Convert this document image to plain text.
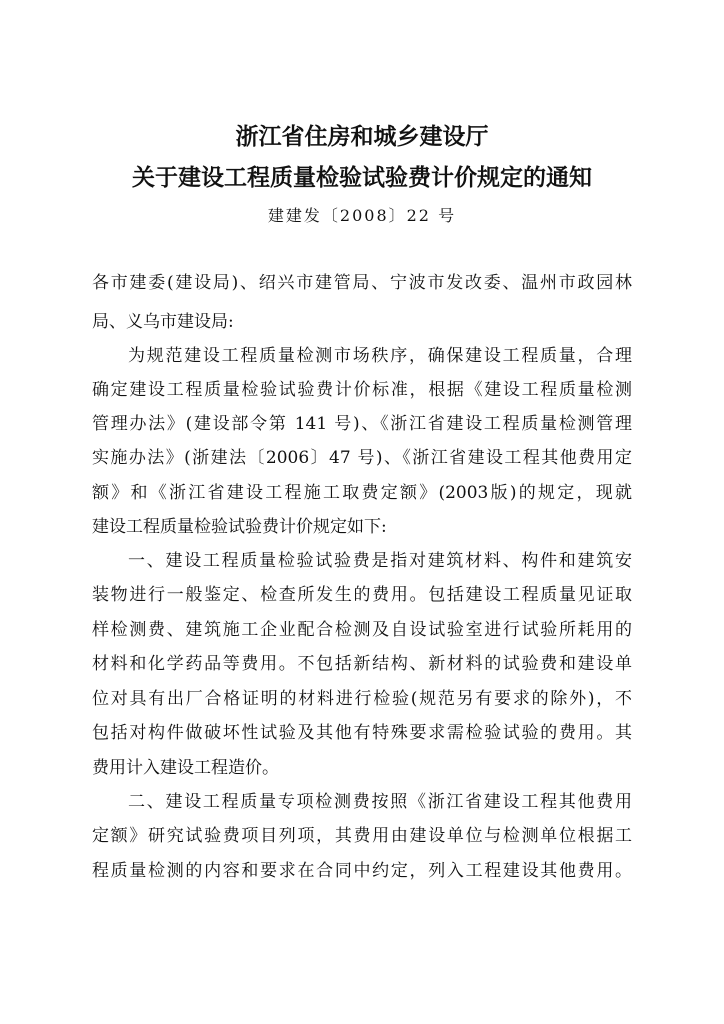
浙江省住房和城乡建设厅
关于建设工程质量检验试验费计价规定的通知
建建发〔2008〕22 号
各市建委(建设局)、绍兴市建管局、宁波市发改委、温州市政园林
局、义乌市建设局:
为规范建设工程质量检测市场秩序，确保建设工程质量，合理
确定建设工程质量检验试验费计价标准，根据《建设工程质量检测
管理办法》(建设部令第 141 号)、《浙江省建设工程质量检测管理
实施办法》(浙建法〔2006〕47 号)、《浙江省建设工程其他费用定
额》和《浙江省建设工程施工取费定额》(2003版)的规定，现就
建设工程质量检验试验费计价规定如下:
一、建设工程质量检验试验费是指对建筑材料、构件和建筑安
装物进行一般鉴定、检查所发生的费用。包括建设工程质量见证取
样检测费、建筑施工企业配合检测及自设试验室进行试验所耗用的
材料和化学药品等费用。不包括新结构、新材料的试验费和建设单
位对具有出厂合格证明的材料进行检验(规范另有要求的除外)，不
包括对构件做破坏性试验及其他有特殊要求需检验试验的费用。其
费用计入建设工程造价。
二、建设工程质量专项检测费按照《浙江省建设工程其他费用
定额》研究试验费项目列项，其费用由建设单位与检测单位根据工
程质量检测的内容和要求在合同中约定，列入工程建设其他费用。
